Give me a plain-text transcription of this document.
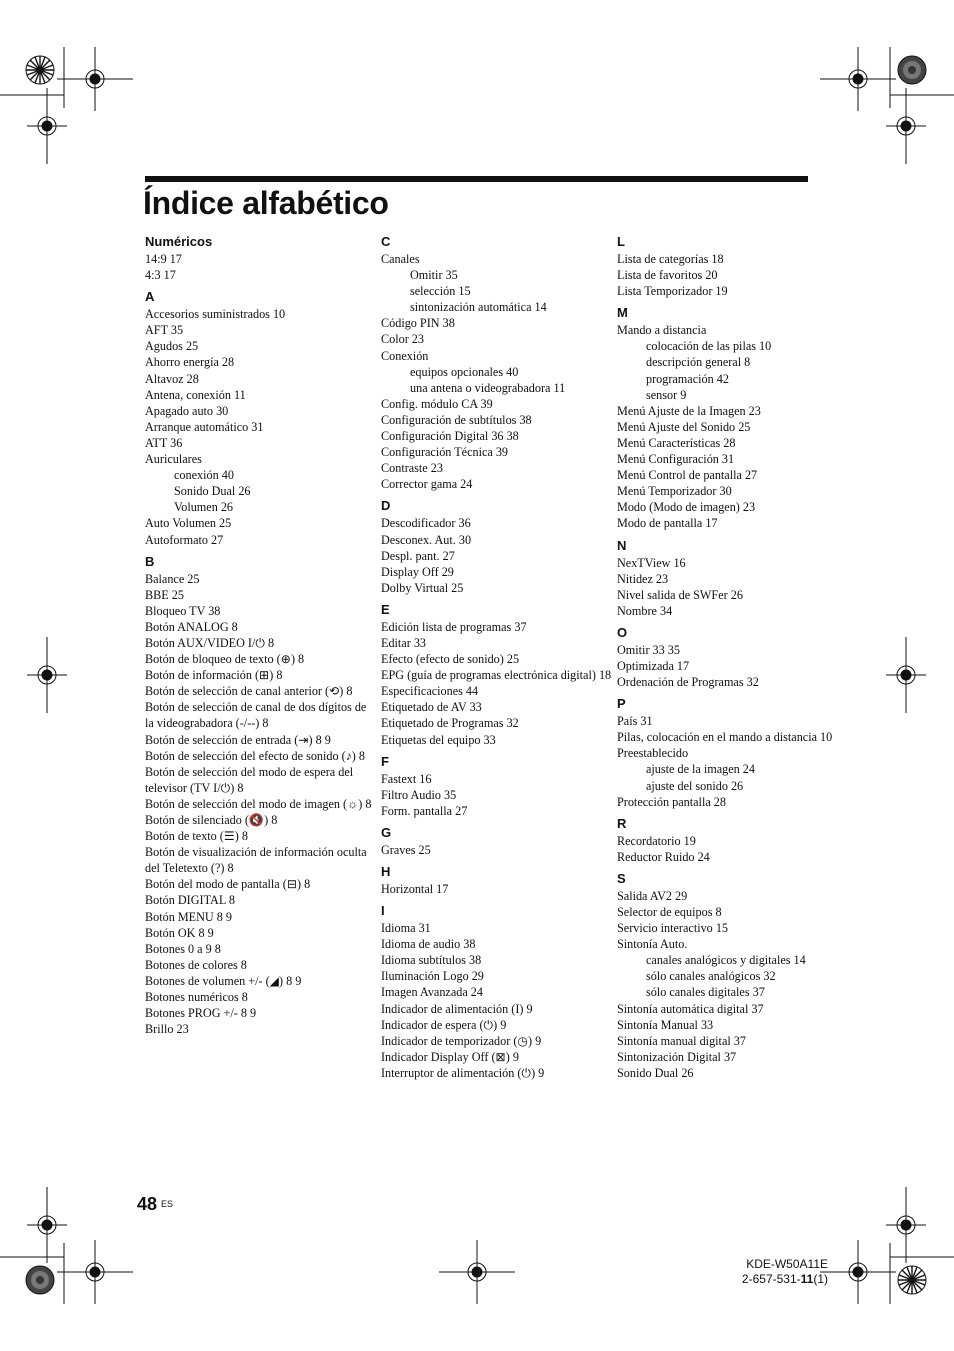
Índice alfabético
Numéricos
14:9 17
4:3 17
A
Accesorios suministrados 10
AFT 35
Agudos 25
Ahorro energía 28
Altavoz 28
Antena, conexión 11
Apagado auto 30
Arranque automático 31
ATT 36
Auriculares
conexión 40
Sonido Dual 26
Volumen 26
Auto Volumen 25
Autoformato 27
B
Balance 25
BBE 25
Bloqueo TV 38
Botón ANALOG 8
Botón AUX/VIDEO I/⏻ 8
Botón de bloqueo de texto (⊕) 8
Botón de información (⊞) 8
Botón de selección de canal anterior (⟲) 8
Botón de selección de canal de dos dígitos de la videograbadora (-/--) 8
Botón de selección de entrada (⇥) 8 9
Botón de selección del efecto de sonido (♪) 8
Botón de selección del modo de espera del televisor (TV I/⏻) 8
Botón de selección del modo de imagen (☼) 8
Botón de silenciado (🔇) 8
Botón de texto (☰) 8
Botón de visualización de información oculta del Teletexto (?) 8
Botón del modo de pantalla (⊟) 8
Botón DIGITAL 8
Botón MENU 8 9
Botón OK 8 9
Botones 0 a 9 8
Botones de colores 8
Botones de volumen +/- (◢) 8 9
Botones numéricos 8
Botones PROG +/- 8 9
Brillo 23
C
Canales
Omitir 35
selección 15
sintonización automática 14
Código PIN 38
Color 23
Conexión
equipos opcionales 40
una antena o videograbadora 11
Config. módulo CA 39
Configuración de subtítulos 38
Configuración Digital 36 38
Configuración Técnica 39
Contraste 23
Corrector gama 24
D
Descodificador 36
Desconex. Aut. 30
Despl. pant. 27
Display Off 29
Dolby Virtual 25
E
Edición lista de programas 37
Editar 33
Efecto (efecto de sonido) 25
EPG (guía de programas electrónica digital) 18
Especificaciones 44
Etiquetado de AV 33
Etiquetado de Programas 32
Etiquetas del equipo 33
F
Fastext 16
Filtro Audio 35
Form. pantalla 27
G
Graves 25
H
Horizontal 17
I
Idioma 31
Idioma de audio 38
Idioma subtítulos 38
Iluminación Logo 29
Imagen Avanzada 24
Indicador de alimentación (I) 9
Indicador de espera (⏻) 9
Indicador de temporizador (◷) 9
Indicador Display Off (⊠) 9
Interruptor de alimentación (⏻) 9
L
Lista de categorías 18
Lista de favoritos 20
Lista Temporizador 19
M
Mando a distancia
colocación de las pilas 10
descripción general 8
programación 42
sensor 9
Menú Ajuste de la Imagen 23
Menú Ajuste del Sonido 25
Menú Características 28
Menú Configuración 31
Menú Control de pantalla 27
Menú Temporizador 30
Modo (Modo de imagen) 23
Modo de pantalla 17
N
NexTView 16
Nitidez 23
Nivel salida de SWFer 26
Nombre 34
O
Omitir 33 35
Optimizada 17
Ordenación de Programas 32
P
País 31
Pilas, colocación en el mando a distancia 10
Preestablecido
ajuste de la imagen 24
ajuste del sonido 26
Protección pantalla 28
R
Recordatorio 19
Reductor Ruido 24
S
Salida AV2 29
Selector de equipos 8
Servicio interactivo 15
Sintonía Auto.
canales analógicos y digitales 14
sólo canales analógicos 32
sólo canales digitales 37
Sintonía automática digital 37
Sintonía Manual 33
Sintonía manual digital 37
Sintonización Digital 37
Sonido Dual 26
48 ES
KDE-W50A11E
2-657-531-11(1)
